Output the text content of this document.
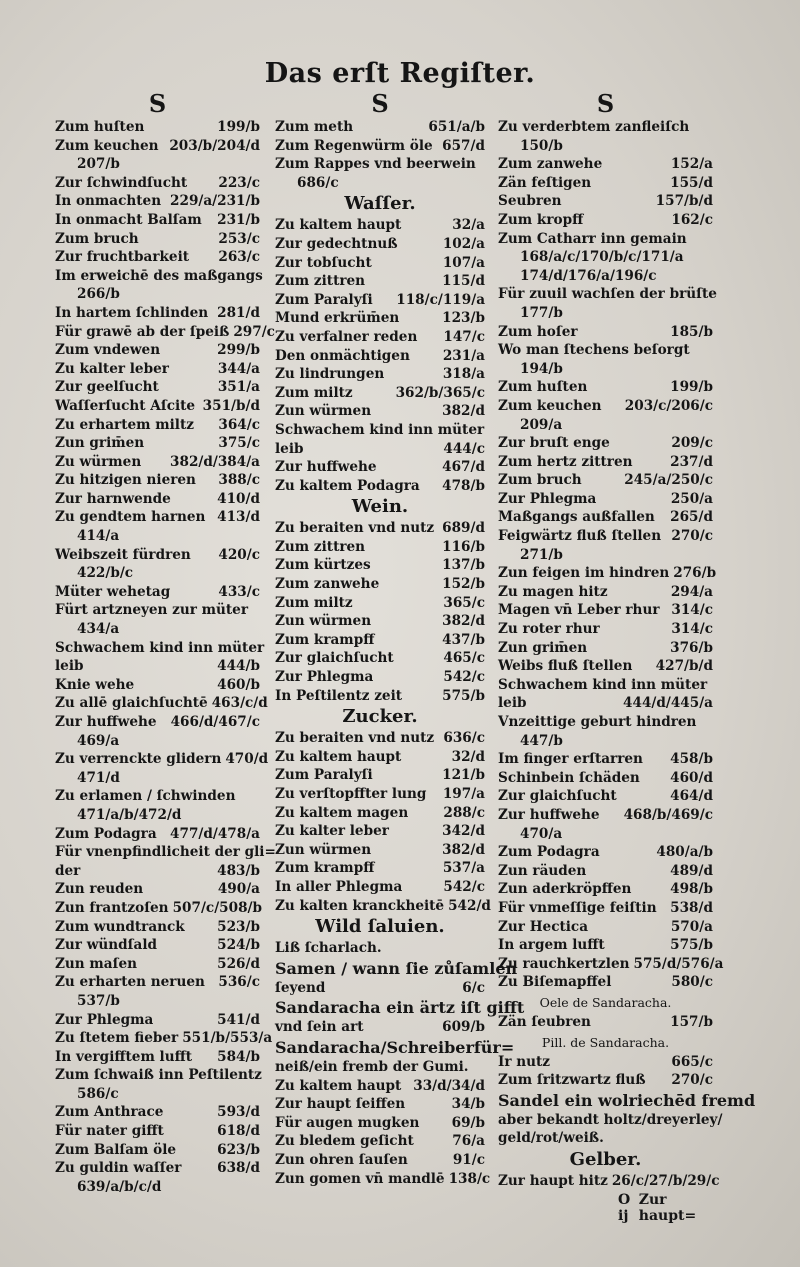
Das erſt Regiſter.
S
Zum huſten	199/b
Zum keuchen 203/b/204/d
207/b
Zur ſchwindſucht 223/c
In onmachten 229/a/231/b
In onmacht Balſam 231/b
Zum bruch	253/c
Zur fruchtbarkeit 263/c
Im erweichē des maßgangs
266/b
In hartem ſchlinden 281/d
Für grawē ab der ſpeiß 297/c
Zum vndewen	299/b
Zu kalter leber	344/a
Zur geelſucht	351/a
Waſſerſucht Aſcite 351/b/d
Zu erhartem miltz 364/c
Zun grim̄en	375/c
Zu würmen 382/d/384/a
Zu hitzigen nieren 388/c
Zur harnwende	410/d
Zu gendtem harnen 413/d
414/a
Weibszeit fürdren 420/c
422/b/c
Müter wehetag	433/c
Fürt artzneyen zur müter
434/a
Schwachem kind inn müter
leib	444/b
Knie wehe	460/b
Zu allē glaichſuchtē 463/c/d
Zur huffwehe 466/d/467/c
469/a
Zu verrenckte glidern 470/d
471/d
Zu erlamen / ſchwinden
471/a/b/472/d
Zum Podagra 477/d/478/a
Für vnenpfindlicheit der gli=
der	483/b
Zun reuden	490/a
Zun frantzoſen 507/c/508/b
Zum wundtranck 523/b
Zur wündſald	524/b
Zun maſen	526/d
Zu erharten neruen 536/c
537/b
Zur Phlegma	541/d
Zu ſtetem fieber 551/b/553/a
In vergifftem lufft 584/b
Zum ſchwaiß inn Peſtilentz
586/c
Zum Anthrace	593/d
Für nater gifft	618/d
Zum Balſam öle	623/b
Zu guldin waſſer	638/d
639/a/b/c/d
S
Zum meth	651/a/b
Zum Regenwürm öle 657/d
Zum Rappes vnd beerwein
686/c
Waſſer.
Zu kaltem haupt	32/a
Zur gedechtnuß	102/a
Zur tobſucht	107/a
Zum zittren	115/d
Zum Paralyſi 118/c/119/a
Mund erkrüm̄en	123/b
Zu verfalner reden 147/c
Den onmächtigen 231/a
Zu lindrungen	318/a
Zum miltz	362/b/365/c
Zun würmen	382/d
Schwachem kind inn müter
leib	444/c
Zur huffwehe	467/d
Zu kaltem Podagra 478/b
Wein.
Zu beraiten vnd nutz 689/d
Zum zittren	116/b
Zum kürtzes	137/b
Zum zanwehe	152/b
Zum miltz	365/c
Zun würmen	382/d
Zum krampff	437/b
Zur glaichſucht	465/c
Zur Phlegma	542/c
In Peſtilentz zeit	575/b
Zucker.
Zu beraiten vnd nutz 636/c
Zu kaltem haupt	32/d
Zum Paralyſi	121/b
Zu verſtopffter lung 197/a
Zu kaltem magen	288/c
Zu kalter leber	342/d
Zun würmen	382/d
Zum krampff	537/a
In aller Phlegma	542/c
Zu kalten kranckheitē 542/d
Wild ſaluien.
Liß ſcharlach.
Samen / wann ſie zůſamlen
ſeyend	6/c
Sandaracha ein ärtz iſt gifft
vnd ſein art	609/b
Sandaracha/Schreiberfür=
neiß/ein fremb der Gumi.
Zu kaltem haupt 33/d/34/d
Zur haupt ſeiffen	34/b
Für augen mugken 69/b
Zu bledem geſicht	76/a
Zun ohren ſauſen	91/c
Zun gomen vn̄ mandlē 138/c
S
Zu verderbtem zanfleiſch
150/b
Zum zanwehe	152/a
Zän feſtigen	155/d
Seubren	157/b/d
Zum kropff	162/c
Zum Catharr inn gemain
168/a/c/170/b/c/171/a
174/d/176/a/196/c
Für zuuil wachſen der brüſte
177/b
Zum hoſer	185/b
Wo man ſtechens beſorgt
194/b
Zum huſten	199/b
Zum keuchen 203/c/206/c
209/a
Zur bruſt enge	209/c
Zum hertz zittren	237/d
Zum bruch	245/a/250/c
Zur Phlegma	250/a
Maßgangs außfallen 265/d
Feigwärtz fluß ſtellen 270/c
271/b
Zun feigen im hindren 276/b
Zu magen hitz	294/a
Magen vn̄ Leber rhur 314/c
Zu roter rhur	314/c
Zun grim̄en	376/b
Weibs fluß ſtellen 427/b/d
Schwachem kind inn müter
leib	444/d/445/a
Vnzeittige geburt hindren
447/b
Im finger erſtarren 458/b
Schinbein ſchäden 460/d
Zur glaichſucht	464/d
Zur huffwehe 468/b/469/c
470/a
Zum Podagra	480/a/b
Zun räuden	489/d
Zun aderkröpffen	498/b
Für vnmeſſige feiſtin 538/d
Zur Hectica	570/a
In argem lufft	575/b
Zu rauchkertzlen 575/d/576/a
Zu Biſemapffel	580/c
Oele de Sandaracha.
Zän ſeubren	157/b
Pill. de Sandaracha.
Ir nutz	665/c
Zum ſritzwartz fluß 270/c
Sandel ein wolriechēd fremd
aber bekandt holtz/dreyerley/
geld/rot/weiß.
Gelber.
Zur haupt hitz 26/c/27/b/29/c
O ij
Zur haupt=
